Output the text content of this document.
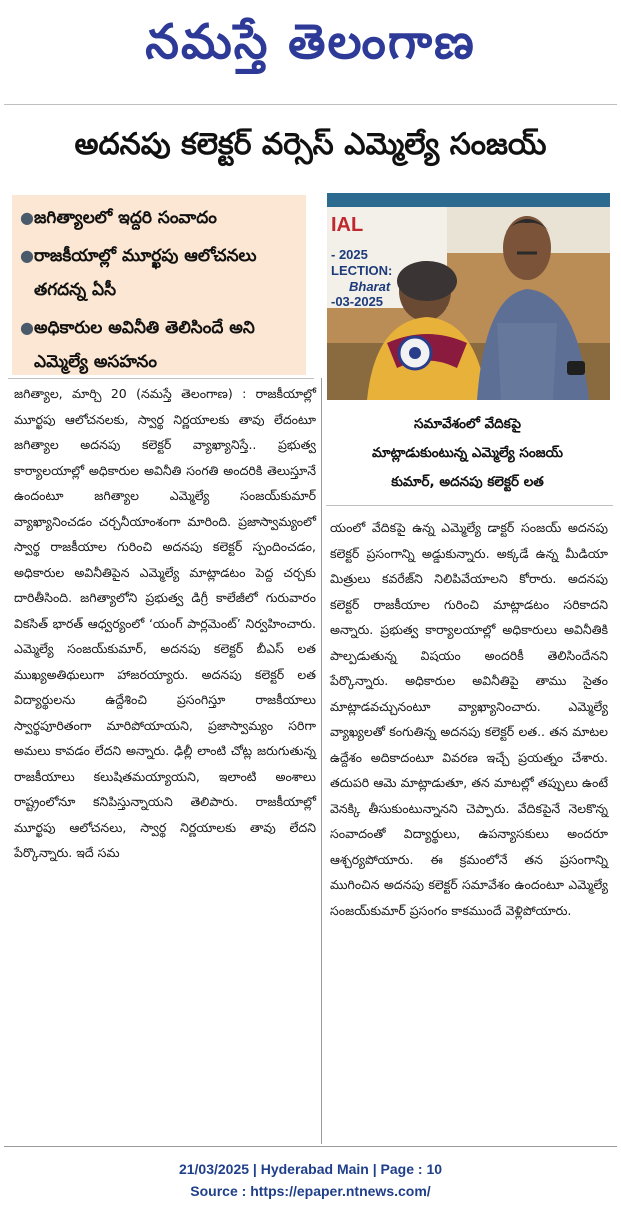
నమస్తే తెలంగాణ
అదనపు కలెక్టర్‌ వర్సెస్‌ ఎమ్మెల్యే సంజయ్‌
● జగిత్యాలలో ఇద్దరి సంవాదం
● రాజకీయాల్లో మూర్ఖపు ఆలోచనలు తగదన్న ఏసీ
● అధికారుల అవినీతి తెలిసిందే అని ఎమ్మెల్యే అసహనం
IAL
- 2025
LECTION:
Bharat
-03-2025
సమావేశంలో వేదికపై
మాట్లాడుకుంటున్న ఎమ్మెల్యే సంజయ్‌
కుమార్‌, అదనపు కలెక్టర్‌ లత

జగిత్యాల, మార్చి 20 (నమస్తే తెలంగాణ) : రాజకీయాల్లో మూర్ఖపు ఆలోచనలకు, స్వార్థ నిర్ణయాలకు తావు లేదంటూ జగిత్యాల అదనపు కలెక్టర్‌ వ్యాఖ్యానిస్తే.. ప్రభుత్వ కార్యాలయాల్లో అధికారుల అవినీతి సంగతి అందరికి తెలుస్తూనే ఉందంటూ జగిత్యాల ఎమ్మెల్యే సంజయ్‌కుమార్‌ వ్యాఖ్యానించడం చర్చనీయాంశంగా మారింది. ప్రజాస్వామ్యంలో స్వార్థ రాజకీయాల గురించి అదనపు కలెక్టర్‌ స్పందించడం, అధికారుల అవినీతిపైన ఎమ్మెల్యే మాట్లాడటం పెద్ద చర్చకు దారితీసింది. జగిత్యాలోని ప్రభుత్వ డిగ్రీ కాలేజీలో గురువారం వికసిత్‌ భారత్‌ ఆధ్వర్యంలో ‘యంగ్‌ పార్లమెంట్‌’ నిర్వహించారు. ఎమ్మెల్యే సంజయ్‌కుమార్‌, అదనపు కలెక్టర్‌ బీఎస్‌ లత ముఖ్యఅతిథులుగా హాజరయ్యారు. అదనపు కలెక్టర్‌ లత విద్యార్థులను ఉద్దేశించి ప్రసంగిస్తూ రాజకీయాలు స్వార్థపూరితంగా మారిపోయాయని, ప్రజాస్వామ్యం సరిగా అమలు కావడం లేదని అన్నారు. ఢిల్లీ లాంటి చోట్ల జరుగుతున్న రాజకీయాలు కలుషితమయ్యాయని, ఇలాంటి అంశాలు రాష్ట్రంలోనూ కనిపిస్తున్నాయని తెలిపారు. రాజకీయాల్లో మూర్ఖపు ఆలోచనలు, స్వార్థ నిర్ణయాలకు తావు లేదని పేర్కొన్నారు. ఇదే సమ

యంలో వేదికపై ఉన్న ఎమ్మెల్యే డాక్టర్‌ సంజయ్‌ అదనపు కలెక్టర్‌ ప్రసంగాన్ని అడ్డుకున్నారు. అక్కడే ఉన్న మీడియా మిత్రులు కవరేజ్‌ని నిలిపివేయాలని కోరారు. అదనపు కలెక్టర్‌ రాజకీయాల గురించి మాట్లాడటం సరికాదని అన్నారు. ప్రభుత్వ కార్యాలయాల్లో అధికారులు అవినీతికి పాల్పడుతున్న విషయం అందరికీ తెలిసిందేనని పేర్కొన్నారు. అధికారుల అవినీతిపై తాము సైతం మాట్లాడవచ్చునంటూ వ్యాఖ్యానించారు. ఎమ్మెల్యే వ్యాఖ్యలతో కంగుతిన్న అదనపు కలెక్టర్‌ లత.. తన మాటల ఉద్దేశం అదికాదంటూ వివరణ ఇచ్చే ప్రయత్నం చేశారు. తదుపరి ఆమె మాట్లాడుతూ, తన మాటల్లో తప్పులు ఉంటే వెనక్కి తీసుకుంటున్నానని చెప్పారు. వేదికపైనే నెలకొన్న సంవాదంతో విద్యార్థులు, ఉపన్యాసకులు అందరూ ఆశ్చర్యపోయారు. ఈ క్రమంలోనే తన ప్రసంగాన్ని ముగించిన అదనపు కలెక్టర్‌ సమావేశం ఉందంటూ ఎమ్మెల్యే సంజయ్‌కుమార్‌ ప్రసంగం కాకముందే వెళ్లిపోయారు.

21/03/2025 | Hyderabad Main | Page : 10
Source : https://epaper.ntnews.com/
